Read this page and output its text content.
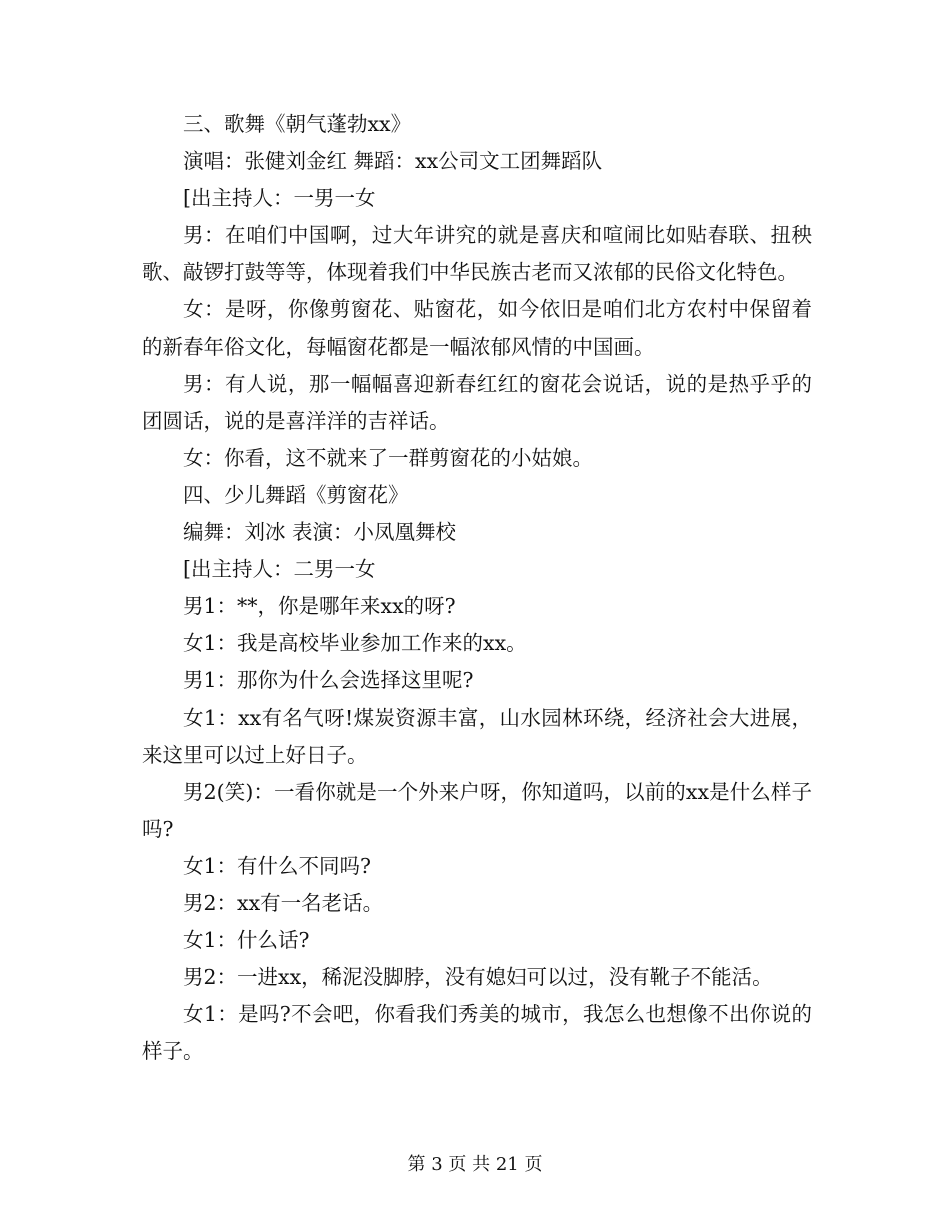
三、歌舞《朝气蓬勃xx》

演唱：张健刘金红 舞蹈：xx公司文工团舞蹈队

[出主持人：一男一女

男：在咱们中国啊，过大年讲究的就是喜庆和喧闹比如贴春联、扭秧歌、敲锣打鼓等等，体现着我们中华民族古老而又浓郁的民俗文化特色。

女：是呀，你像剪窗花、贴窗花，如今依旧是咱们北方农村中保留着的新春年俗文化，每幅窗花都是一幅浓郁风情的中国画。

男：有人说，那一幅幅喜迎新春红红的窗花会说话，说的是热乎乎的团圆话，说的是喜洋洋的吉祥话。

女：你看，这不就来了一群剪窗花的小姑娘。

四、少儿舞蹈《剪窗花》

编舞：刘冰 表演：小凤凰舞校

[出主持人：二男一女

男1：**，你是哪年来xx的呀?

女1：我是高校毕业参加工作来的xx。

男1：那你为什么会选择这里呢?

女1：xx有名气呀!煤炭资源丰富，山水园林环绕，经济社会大进展，来这里可以过上好日子。

男2(笑)：一看你就是一个外来户呀，你知道吗，以前的xx是什么样子吗?

女1：有什么不同吗?

男2：xx有一名老话。

女1：什么话?

男2：一进xx，稀泥没脚脖，没有媳妇可以过，没有靴子不能活。

女1：是吗?不会吧，你看我们秀美的城市，我怎么也想像不出你说的样子。

第 3 页 共 21 页
